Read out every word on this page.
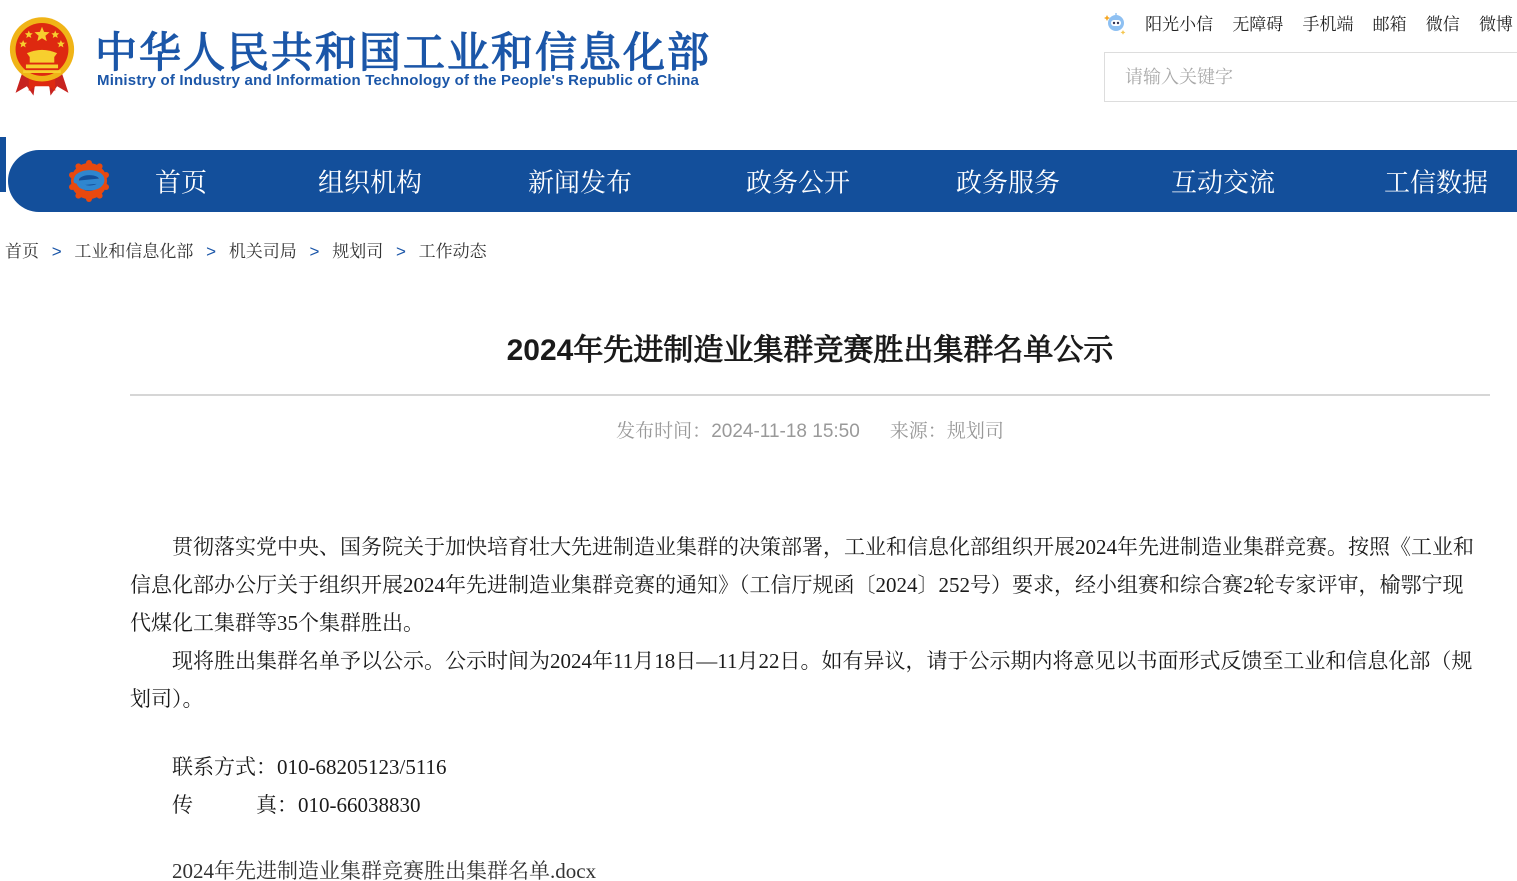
中华人民共和国工业和信息化部
Ministry of Industry and Information Technology of the People's Republic of China
阳光小信 无障碍 手机端 邮箱 微信 微博
请输入关键字
首页	组织机构	新闻发布	政务公开	政务服务	互动交流	工信数据
首页 > 工业和信息化部 > 机关司局 > 规划司 > 工作动态
2024年先进制造业集群竞赛胜出集群名单公示
发布时间：2024-11-18 15:50 来源：规划司

贯彻落实党中央、国务院关于加快培育壮大先进制造业集群的决策部署，工业和信息化部组织开展2024年先进制造业集群竞赛。按照《工业和信息化部办公厅关于组织开展2024年先进制造业集群竞赛的通知》（工信厅规函〔2024〕252号）要求，经小组赛和综合赛2轮专家评审，榆鄂宁现代煤化工集群等35个集群胜出。

现将胜出集群名单予以公示。公示时间为2024年11月18日—11月22日。如有异议，请于公示期内将意见以书面形式反馈至工业和信息化部（规划司）。

联系方式：010-68205123/5116

传　　　真：010-66038830

2024年先进制造业集群竞赛胜出集群名单.docx
